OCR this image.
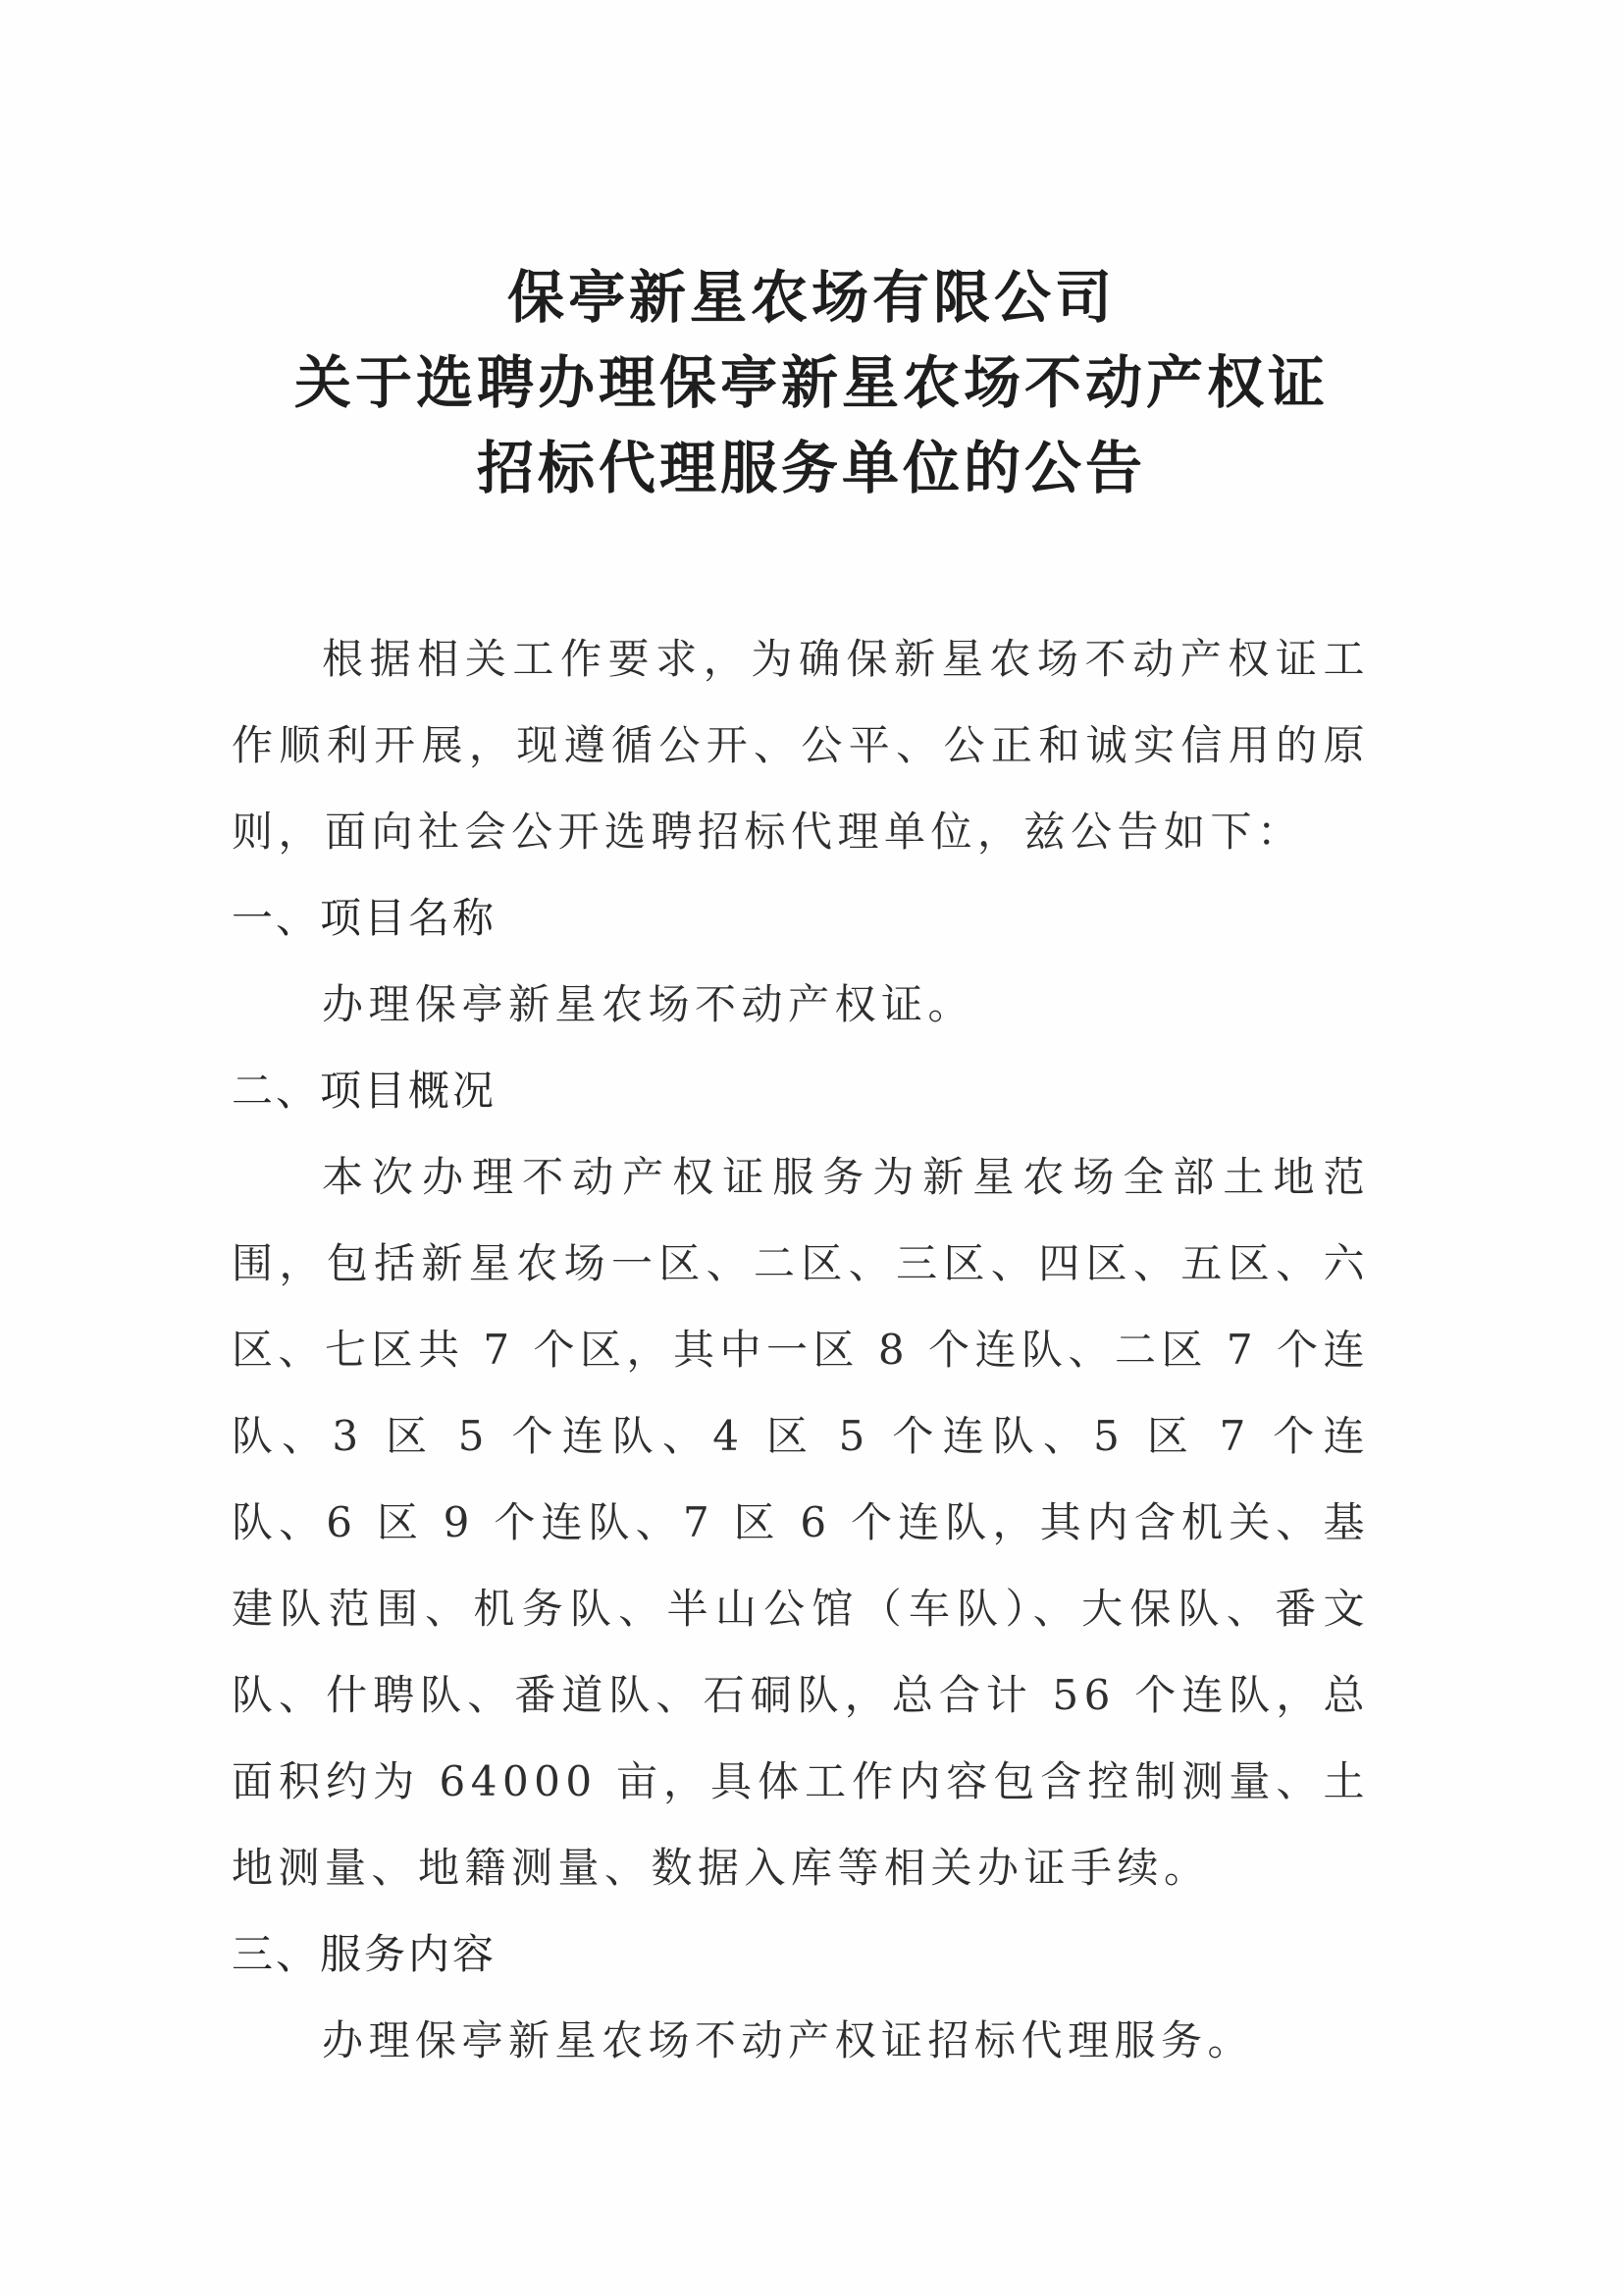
保亭新星农场有限公司
关于选聘办理保亭新星农场不动产权证
招标代理服务单位的公告

根据相关工作要求，为确保新星农场不动产权证工作顺利开展，现遵循公开、公平、公正和诚实信用的原则，面向社会公开选聘招标代理单位，兹公告如下：

一、项目名称

办理保亭新星农场不动产权证。

二、项目概况

本次办理不动产权证服务为新星农场全部土地范围，包括新星农场一区、二区、三区、四区、五区、六区、七区共 7 个区，其中一区 8 个连队、二区 7 个连队、3 区 5 个连队、4 区 5 个连队、5 区 7 个连队、6 区 9 个连队、7 区 6 个连队，其内含机关、基建队范围、机务队、半山公馆（车队）、大保队、番文队、什聘队、番道队、石硐队，总合计 56 个连队，总面积约为 64000 亩，具体工作内容包含控制测量、土地测量、地籍测量、数据入库等相关办证手续。

三、服务内容

办理保亭新星农场不动产权证招标代理服务。
